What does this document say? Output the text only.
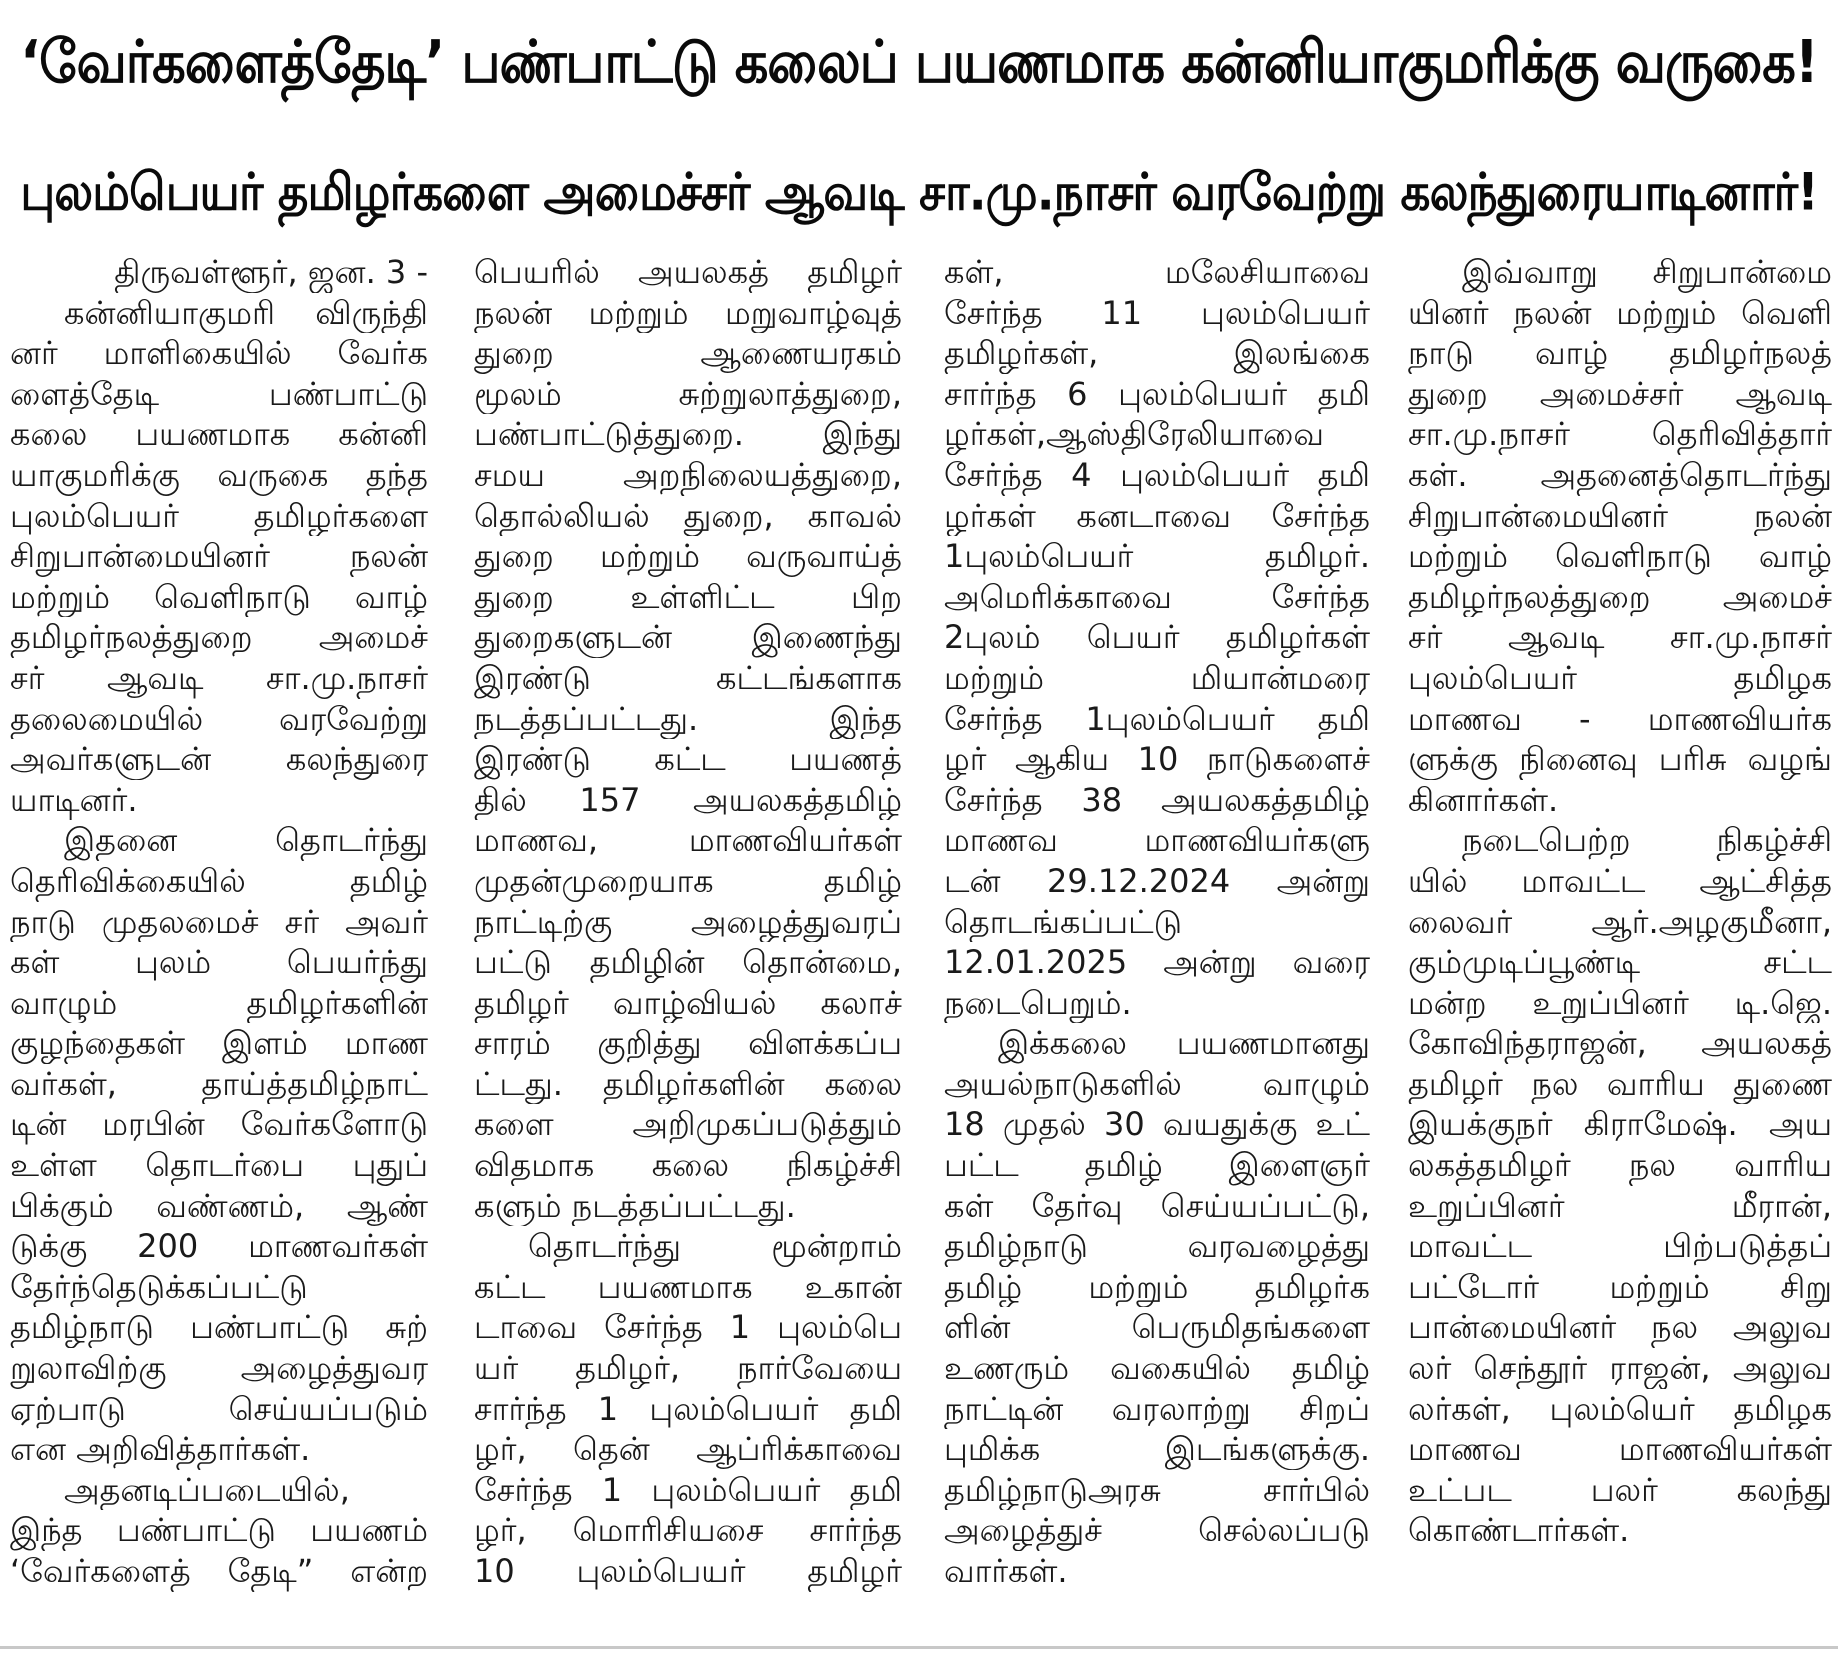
‘வேர்களைத்தேடி’ பண்பாட்டு கலைப் பயணமாக கன்னியாகுமரிக்கு வருகை!
புலம்பெயர் தமிழர்களை அமைச்சர் ஆவடி சா.மு.நாசர் வரவேற்று கலந்துரையாடினார்!
திருவள்ளூர், ஜன. 3 -
கன்னியாகுமரி விருந்தி
னர் மாளிகையில் வேர்க
ளைத்தேடி பண்பாட்டு
கலை பயணமாக கன்னி
யாகுமரிக்கு வருகை தந்த
புலம்பெயர் தமிழர்களை
சிறுபான்மையினர் நலன்
மற்றும் வெளிநாடு வாழ்
தமிழர்நலத்துறை அமைச்
சர் ஆவடி சா.மு.நாசர்
தலைமையில் வரவேற்று
அவர்களுடன் கலந்துரை
யாடினர்.
இதனை தொடர்ந்து
தெரிவிக்கையில் தமிழ்
நாடு முதலமைச் சர் அவர்
கள் புலம் பெயர்ந்து
வாழும் தமிழர்களின்
குழந்தைகள் இளம் மாண
வர்கள், தாய்த்தமிழ்நாட்
டின் மரபின் வேர்களோடு
உள்ள தொடர்பை புதுப்
பிக்கும் வண்ணம், ஆண்
டுக்கு 200 மாணவர்கள்
தேர்ந்தெடுக்கப்பட்டு
தமிழ்நாடு பண்பாட்டு சுற்
றுலாவிற்கு அழைத்துவர
ஏற்பாடு செய்யப்படும்
என அறிவித்தார்கள்.
அதனடிப்படையில்,
இந்த பண்பாட்டு பயணம்
‘வேர்களைத் தேடி” என்ற
பெயரில் அயலகத் தமிழர்
நலன் மற்றும் மறுவாழ்வுத்
துறை ஆணையரகம்
மூலம் சுற்றுலாத்துறை,
பண்பாட்டுத்துறை. இந்து
சமய அறநிலையத்துறை,
தொல்லியல் துறை, காவல்
துறை மற்றும் வருவாய்த்
துறை உள்ளிட்ட பிற
துறைகளுடன் இணைந்து
இரண்டு கட்டங்களாக
நடத்தப்பட்டது. இந்த
இரண்டு கட்ட பயணத்
தில் 157 அயலகத்தமிழ்
மாணவ, மாணவியர்கள்
முதன்முறையாக தமிழ்
நாட்டிற்கு அழைத்துவரப்
பட்டு தமிழின் தொன்மை,
தமிழர் வாழ்வியல் கலாச்
சாரம் குறித்து விளக்கப்ப
ட்டது. தமிழர்களின் கலை
களை அறிமுகப்படுத்தும்
விதமாக கலை நிகழ்ச்சி
களும் நடத்தப்பட்டது.
தொடர்ந்து மூன்றாம்
கட்ட பயணமாக உகான்
டாவை சேர்ந்த 1 புலம்பெ
யர் தமிழர், நார்வேயை
சார்ந்த 1 புலம்பெயர் தமி
ழர், தென் ஆப்ரிக்காவை
சேர்ந்த 1 புலம்பெயர் தமி
ழர், மொரிசியசை சார்ந்த
10 புலம்பெயர் தமிழர்
கள், மலேசியாவை
சேர்ந்த 11 புலம்பெயர்
தமிழர்கள், இலங்கை
சார்ந்த 6 புலம்பெயர் தமி
ழர்கள்,ஆஸ்திரேலியாவை
சேர்ந்த 4 புலம்பெயர் தமி
ழர்கள் கனடாவை சேர்ந்த
1புலம்பெயர் தமிழர்.
அமெரிக்காவை சேர்ந்த
2புலம் பெயர் தமிழர்கள்
மற்றும் மியான்மரை
சேர்ந்த 1புலம்பெயர் தமி
ழர் ஆகிய 10 நாடுகளைச்
சேர்ந்த 38 அயலகத்தமிழ்
மாணவ மாணவியர்களு
டன் 29.12.2024 அன்று
தொடங்கப்பட்டு
12.01.2025 அன்று வரை
நடைபெறும்.
இக்கலை பயணமானது
அயல்நாடுகளில் வாழும்
18 முதல் 30 வயதுக்கு உட்
பட்ட தமிழ் இளைஞர்
கள் தேர்வு செய்யப்பட்டு,
தமிழ்நாடு வரவழைத்து
தமிழ் மற்றும் தமிழர்க
ளின் பெருமிதங்களை
உணரும் வகையில் தமிழ்
நாட்டின் வரலாற்று சிறப்
புமிக்க இடங்களுக்கு.
தமிழ்நாடுஅரசு சார்பில்
அழைத்துச் செல்லப்படு
வார்கள்.
இவ்வாறு சிறுபான்மை
யினர் நலன் மற்றும் வெளி
நாடு வாழ் தமிழர்நலத்
துறை அமைச்சர் ஆவடி
சா.மு.நாசர் தெரிவித்தார்
கள். அதனைத்தொடர்ந்து
சிறுபான்மையினர் நலன்
மற்றும் வெளிநாடு வாழ்
தமிழர்நலத்துறை அமைச்
சர் ஆவடி சா.மு.நாசர்
புலம்பெயர் தமிழக
மாணவ - மாணவியர்க
ளுக்கு நினைவு பரிசு வழங்
கினார்கள்.
நடைபெற்ற நிகழ்ச்சி
யில் மாவட்ட ஆட்சித்த
லைவர் ஆர்.அழகுமீனா,
கும்முடிப்பூண்டி சட்ட
மன்ற உறுப்பினர் டி.ஜெ.
கோவிந்தராஜன், அயலகத்
தமிழர் நல வாரிய துணை
இயக்குநர் கிராமேஷ். அய
லகத்தமிழர் நல வாரிய
உறுப்பினர் மீரான்,
மாவட்ட பிற்படுத்தப்
பட்டோர் மற்றும் சிறு
பான்மையினர் நல அலுவ
லர் செந்தூர் ராஜன், அலுவ
லர்கள், புலம்யெர் தமிழக
மாணவ மாணவியர்கள்
உட்பட பலர் கலந்து
கொண்டார்கள்.
